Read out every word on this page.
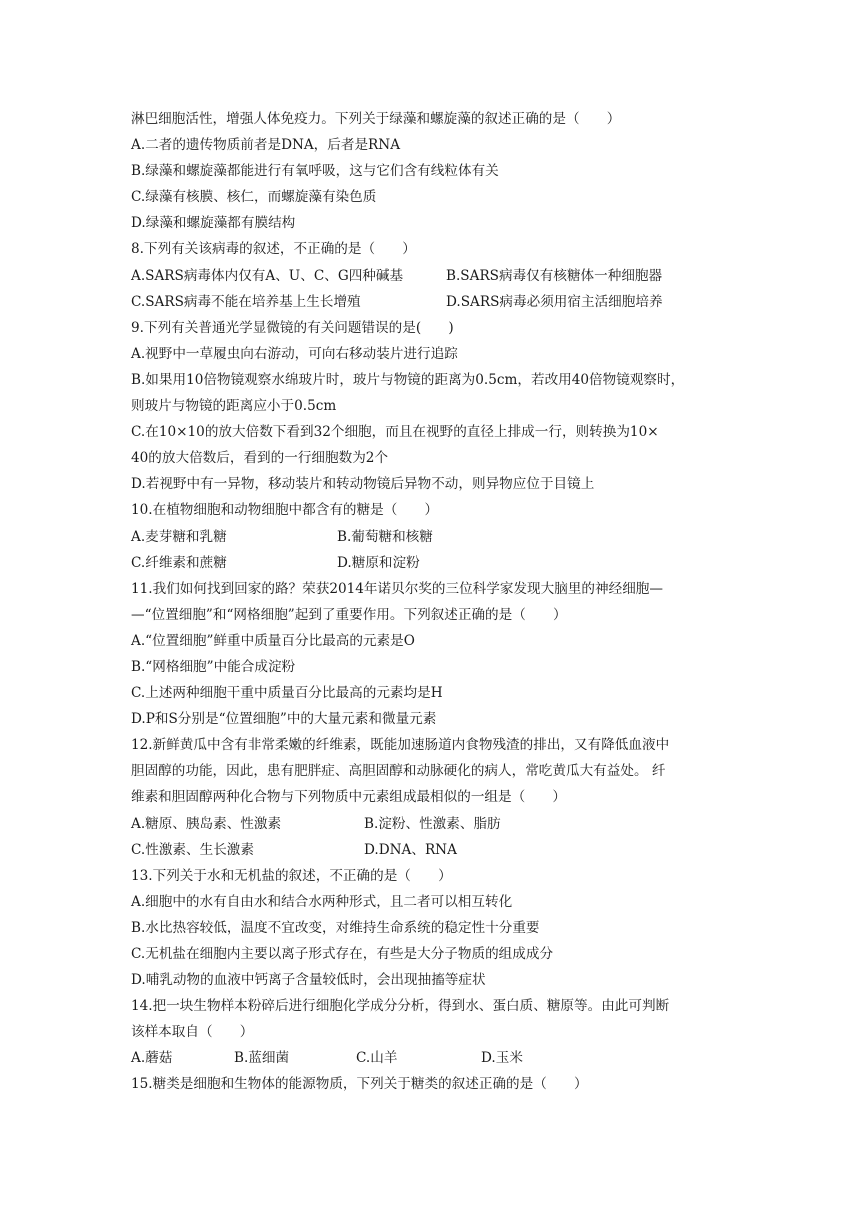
淋巴细胞活性，增强人体免疫力。下列关于绿藻和螺旋藻的叙述正确的是（　　）
A.二者的遗传物质前者是DNA，后者是RNA
B.绿藻和螺旋藻都能进行有氧呼吸，这与它们含有线粒体有关
C.绿藻有核膜、核仁，而螺旋藻有染色质
D.绿藻和螺旋藻都有膜结构
8.下列有关该病毒的叙述，不正确的是（　　）
A.SARS病毒体内仅有A、U、C、G四种碱基	B.SARS病毒仅有核糖体一种细胞器
C.SARS病毒不能在培养基上生长增殖	D.SARS病毒必须用宿主活细胞培养
9.下列有关普通光学显微镜的有关问题错误的是(　　)
A.视野中一草履虫向右游动，可向右移动装片进行追踪
B.如果用10倍物镜观察水绵玻片时，玻片与物镜的距离为0.5cm，若改用40倍物镜观察时，
则玻片与物镜的距离应小于0.5cm
C.在10×10的放大倍数下看到32个细胞，而且在视野的直径上排成一行，则转换为10×
40的放大倍数后，看到的一行细胞数为2个
D.若视野中有一异物，移动装片和转动物镜后异物不动，则异物应位于目镜上
10.在植物细胞和动物细胞中都含有的糖是（　　）
A.麦芽糖和乳糖	B.葡萄糖和核糖
C.纤维素和蔗糖	D.糖原和淀粉
11.我们如何找到回家的路？荣获2014年诺贝尔奖的三位科学家发现大脑里的神经细胞—
—“位置细胞”和“网格细胞”起到了重要作用。下列叙述正确的是（　　）
A.“位置细胞”鲜重中质量百分比最高的元素是O
B.“网格细胞”中能合成淀粉
C.上述两种细胞干重中质量百分比最高的元素均是H
D.P和S分别是“位置细胞”中的大量元素和微量元素
12.新鲜黄瓜中含有非常柔嫩的纤维素，既能加速肠道内食物残渣的排出，又有降低血液中
胆固醇的功能，因此，患有肥胖症、高胆固醇和动脉硬化的病人，常吃黄瓜大有益处。 纤
维素和胆固醇两种化合物与下列物质中元素组成最相似的一组是（　　）
A.糖原、胰岛素、性激素	B.淀粉、性激素、脂肪
C.性激素、生长激素	D.DNA、RNA
13.下列关于水和无机盐的叙述，不正确的是（　　）
A.细胞中的水有自由水和结合水两种形式，且二者可以相互转化
B.水比热容较低，温度不宜改变，对维持生命系统的稳定性十分重要
C.无机盐在细胞内主要以离子形式存在，有些是大分子物质的组成成分
D.哺乳动物的血液中钙离子含量较低时，会出现抽搐等症状
14.把一块生物样本粉碎后进行细胞化学成分分析，得到水、蛋白质、糖原等。由此可判断
该样本取自（　　）
A.蘑菇	B.蓝细菌	C.山羊	D.玉米
15.糖类是细胞和生物体的能源物质，下列关于糖类的叙述正确的是（　　）
